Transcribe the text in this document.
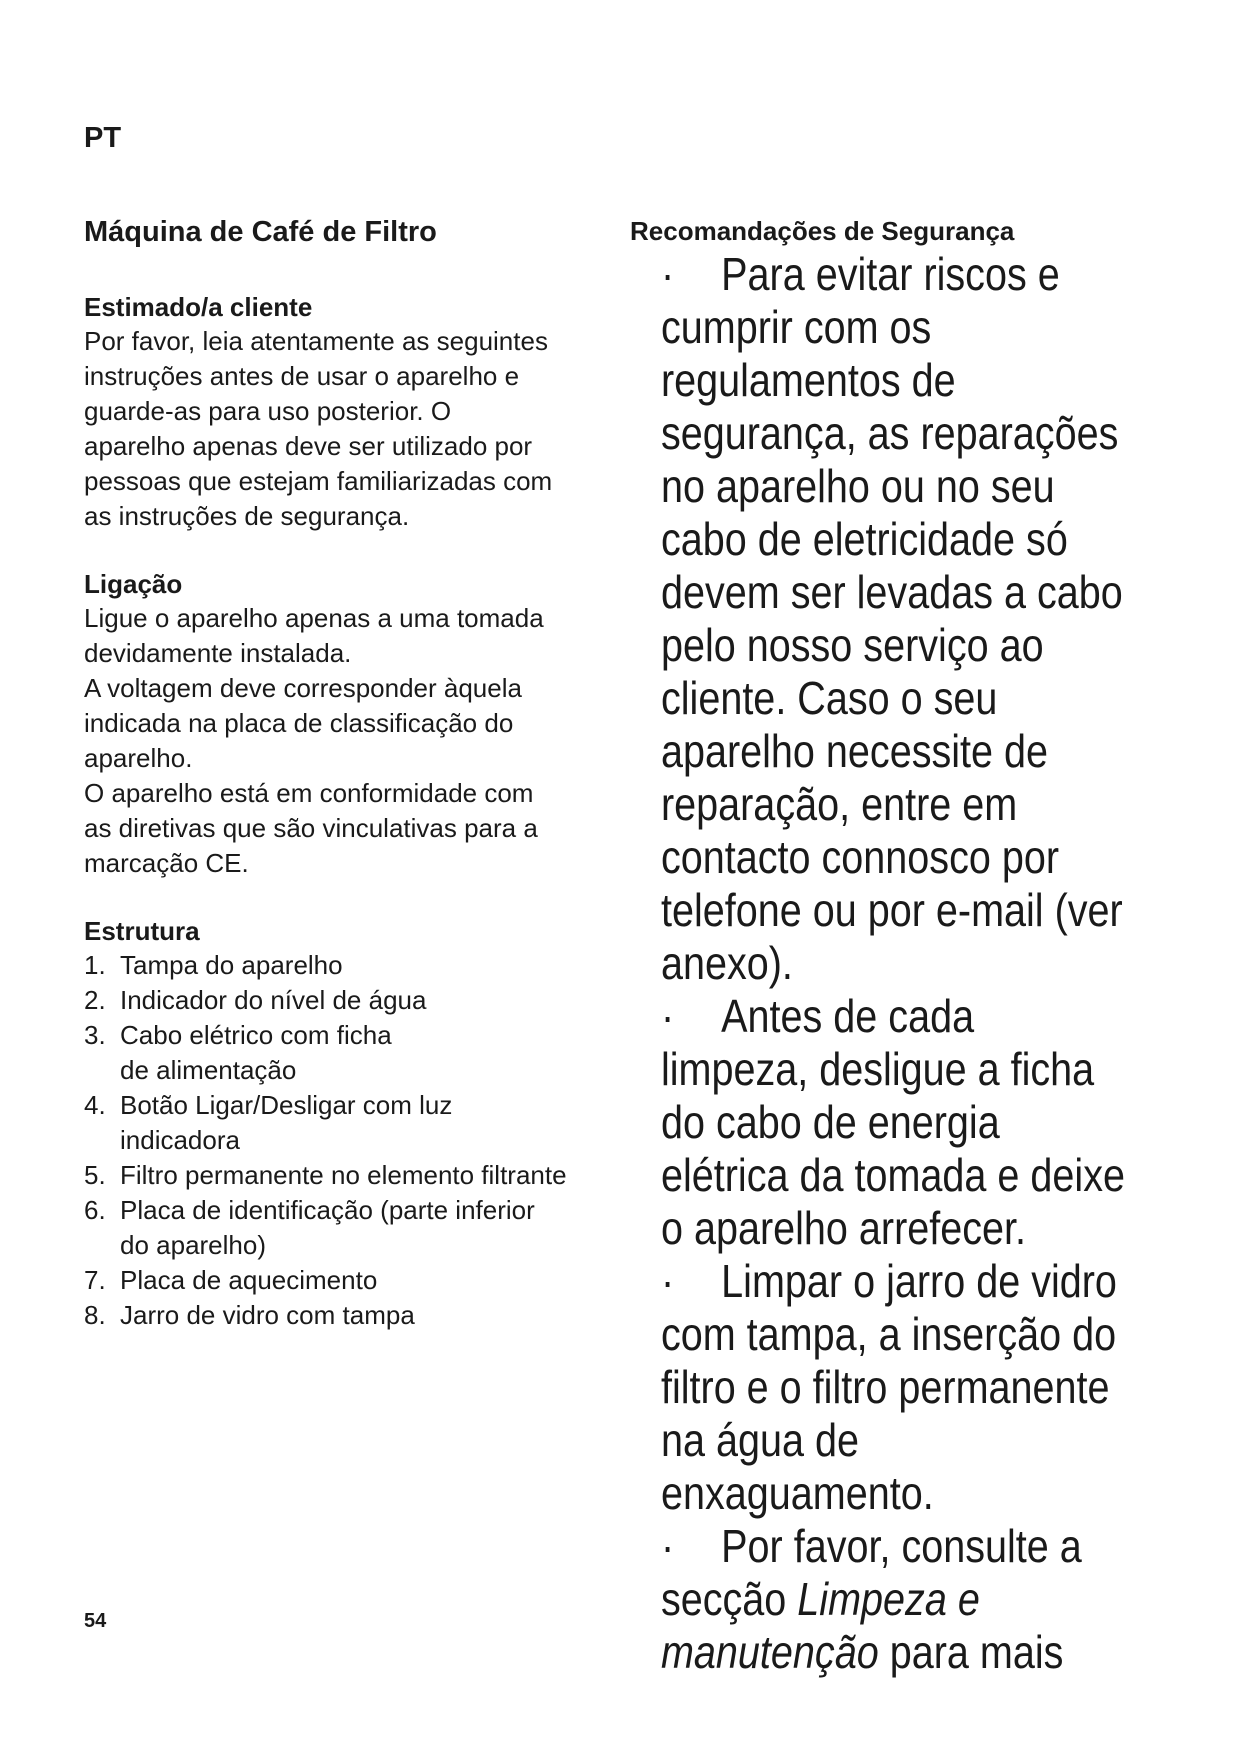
PT
Máquina de Café de Filtro
Estimado/a cliente
Por favor, leia atentamente as seguintes instruções antes de usar o aparelho e guarde-as para uso posterior. O aparelho apenas deve ser utilizado por pessoas que estejam familiarizadas com as instruções de segurança.
Ligação
Ligue o aparelho apenas a uma tomada devidamente instalada.
A voltagem deve corresponder àquela indicada na placa de classificação do aparelho.
O aparelho está em conformidade com as diretivas que são vinculativas para a marcação CE.
Estrutura
1. Tampa do aparelho
2. Indicador do nível de água
3. Cabo elétrico com ficha de alimentação
4. Botão Ligar/Desligar com luz indicadora
5. Filtro permanente no elemento filtrante
6. Placa de identificação (parte inferior do aparelho)
7. Placa de aquecimento
8. Jarro de vidro com tampa
Recomandações de Segurança
·	Para evitar riscos e cumprir com os regulamentos de segurança, as reparações no aparelho ou no seu cabo de eletricidade só devem ser levadas a cabo pelo nosso serviço ao cliente. Caso o seu aparelho necessite de reparação, entre em contacto connosco por telefone ou por e-mail (ver anexo).
·	Antes de cada limpeza, desligue a ficha do cabo de energia elétrica da tomada e deixe o aparelho arrefecer.
·	Limpar o jarro de vidro com tampa, a inserção do filtro e o filtro permanente na água de enxaguamento.
·	Por favor, consulte a secção Limpeza e manutenção para mais
54
